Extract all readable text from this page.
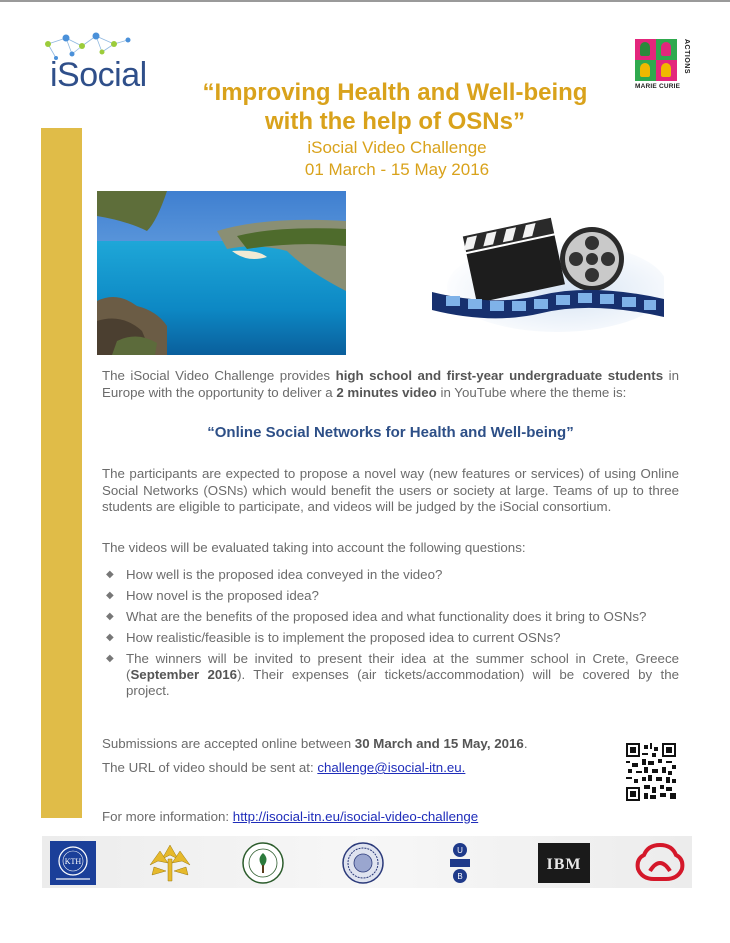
iSocial	ACTIONS
MARIE CURIE
“Improving Health and Well-being
with the help of OSNs”
iSocial Video Challenge
01 March - 15 May 2016

The iSocial Video Challenge provides high school and first-year undergraduate students in Europe with the opportunity to deliver a 2 minutes video in YouTube where the theme is:

“Online Social Networks for Health and Well-being”

The participants are expected to propose a novel way (new features or services) of using Online Social Networks (OSNs) which would benefit the users or society at large. Teams of up to three students are eligible to participate, and videos will be judged by the iSocial consortium.

The videos will be evaluated taking into account the following questions:

◆ How well is the proposed idea conveyed in the video?
◆ How novel is the proposed idea?
◆ What are the benefits of the proposed idea and what functionality does it bring to OSNs?
◆ How realistic/feasible is to implement the proposed idea to current OSNs?
◆ The winners will be invited to present their idea at the summer school in Crete, Greece (September 2016). Their expenses (air tickets/accommodation) will be covered by the project.

Submissions are accepted online between 30 March and 15 May, 2016.

The URL of video should be sent at: challenge@isocial-itn.eu.

For more information: http://isocial-itn.eu/isocial-video-challenge

KTH
U
B
IBM
